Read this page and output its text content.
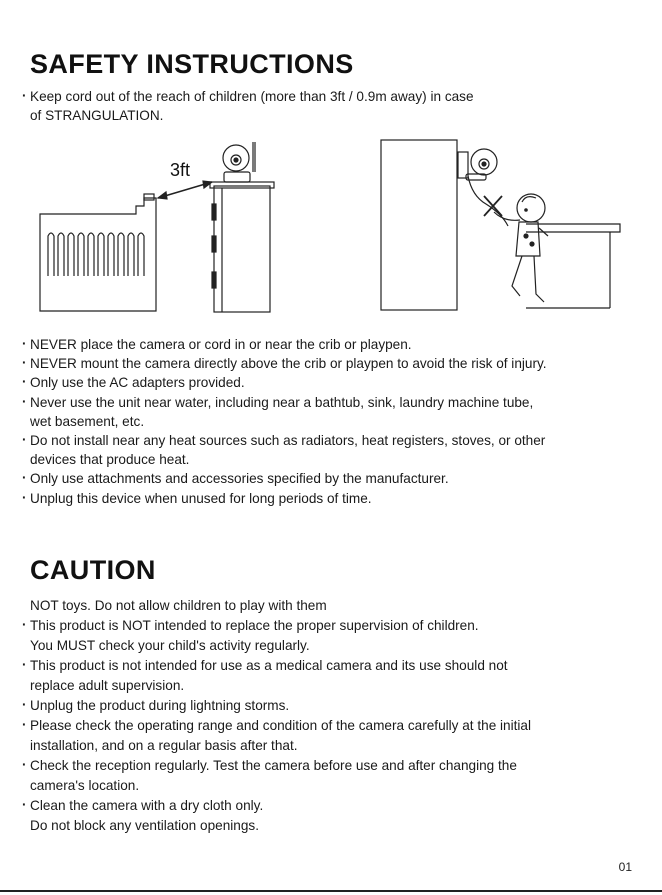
SAFETY INSTRUCTIONS
· Keep cord out of the reach of children (more than 3ft / 0.9m away) in case
of STRANGULATION.
3ft
· NEVER place the camera or cord in or near the crib or playpen.
· NEVER mount the camera directly above the crib or playpen to avoid the risk of injury.
· Only use the AC adapters provided.
· Never use the unit near water, including near a bathtub, sink, laundry machine tube,
wet basement, etc.
· Do not install near any heat sources such as radiators, heat registers, stoves, or other
devices that produce heat.
· Only use attachments and accessories specified by the manufacturer.
· Unplug this device when unused for long periods of time.
CAUTION
NOT toys. Do not allow children to play with them
· This product is NOT intended to replace the proper supervision of children.
You MUST check your child's activity regularly.
· This product is not intended for use as a medical camera and its use should not
replace adult supervision.
· Unplug the product during lightning storms.
· Please check the operating range and condition of the camera carefully at the initial
installation, and on a regular basis after that.
· Check the reception regularly. Test the camera before use and after changing the
camera's location.
· Clean the camera with a dry cloth only.
Do not block any ventilation openings.
01
